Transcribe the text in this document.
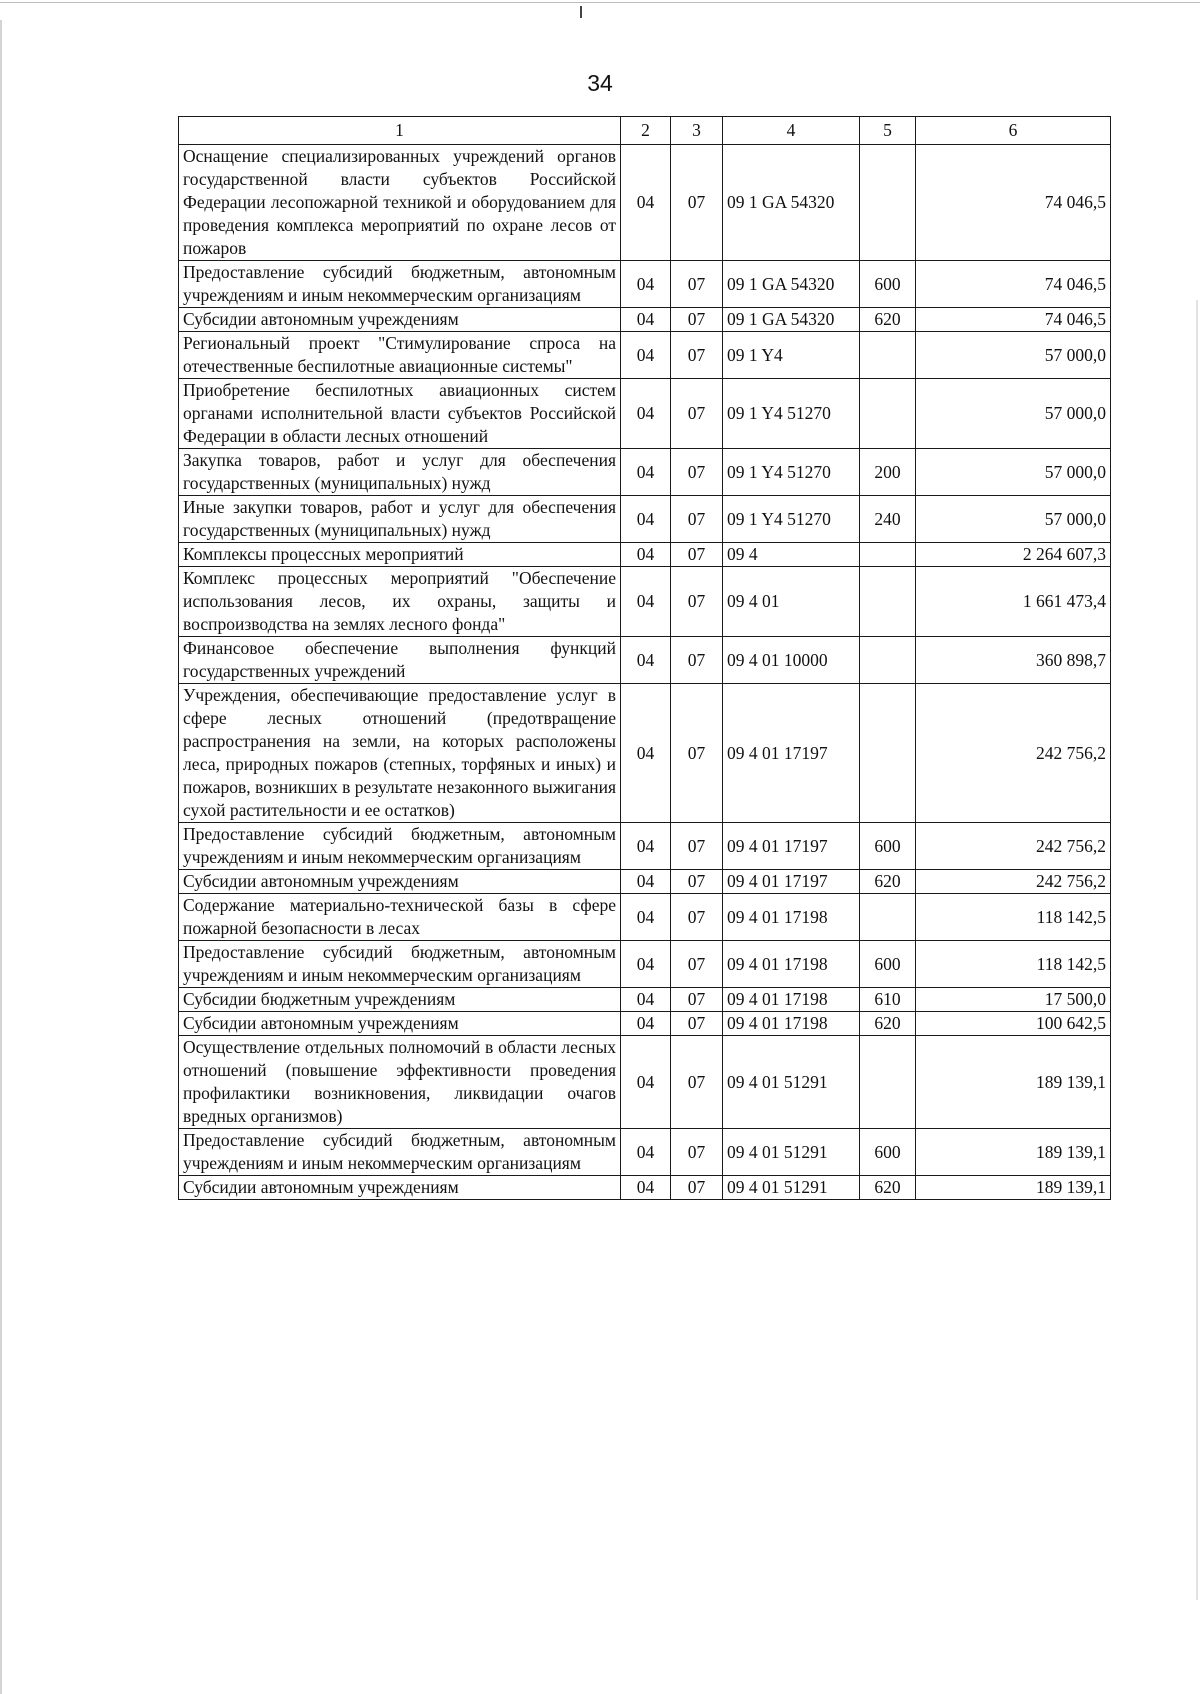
34
1	2	3	4	5	6
Оснащение специализированных учреждений органов государственной власти субъектов Российской Федерации лесопожарной техникой и оборудованием для проведения комплекса мероприятий по охране лесов от пожаров	04	07	09 1 GA 54320		74 046,5
Предоставление субсидий бюджетным, автономным учреждениям и иным некоммерческим организациям	04	07	09 1 GA 54320	600	74 046,5
Субсидии автономным учреждениям	04	07	09 1 GA 54320	620	74 046,5
Региональный проект "Стимулирование спроса на отечественные беспилотные авиационные системы"	04	07	09 1 Y4		57 000,0
Приобретение беспилотных авиационных систем органами исполнительной власти субъектов Российской Федерации в области лесных отношений	04	07	09 1 Y4 51270		57 000,0
Закупка товаров, работ и услуг для обеспечения государственных (муниципальных) нужд	04	07	09 1 Y4 51270	200	57 000,0
Иные закупки товаров, работ и услуг для обеспечения государственных (муниципальных) нужд	04	07	09 1 Y4 51270	240	57 000,0
Комплексы процессных мероприятий	04	07	09 4		2 264 607,3
Комплекс процессных мероприятий "Обеспечение использования лесов, их охраны, защиты и воспроизводства на землях лесного фонда"	04	07	09 4 01		1 661 473,4
Финансовое обеспечение выполнения функций государственных учреждений	04	07	09 4 01 10000		360 898,7
Учреждения, обеспечивающие предоставление услуг в сфере лесных отношений (предотвращение распространения на земли, на которых расположены леса, природных пожаров (степных, торфяных и иных) и пожаров, возникших в результате незаконного выжигания сухой растительности и ее остатков)	04	07	09 4 01 17197		242 756,2
Предоставление субсидий бюджетным, автономным учреждениям и иным некоммерческим организациям	04	07	09 4 01 17197	600	242 756,2
Субсидии автономным учреждениям	04	07	09 4 01 17197	620	242 756,2
Содержание материально-технической базы в сфере пожарной безопасности в лесах	04	07	09 4 01 17198		118 142,5
Предоставление субсидий бюджетным, автономным учреждениям и иным некоммерческим организациям	04	07	09 4 01 17198	600	118 142,5
Субсидии бюджетным учреждениям	04	07	09 4 01 17198	610	17 500,0
Субсидии автономным учреждениям	04	07	09 4 01 17198	620	100 642,5
Осуществление отдельных полномочий в области лесных отношений (повышение эффективности проведения профилактики возникновения, ликвидации очагов вредных организмов)	04	07	09 4 01 51291		189 139,1
Предоставление субсидий бюджетным, автономным учреждениям и иным некоммерческим организациям	04	07	09 4 01 51291	600	189 139,1
Субсидии автономным учреждениям	04	07	09 4 01 51291	620	189 139,1
